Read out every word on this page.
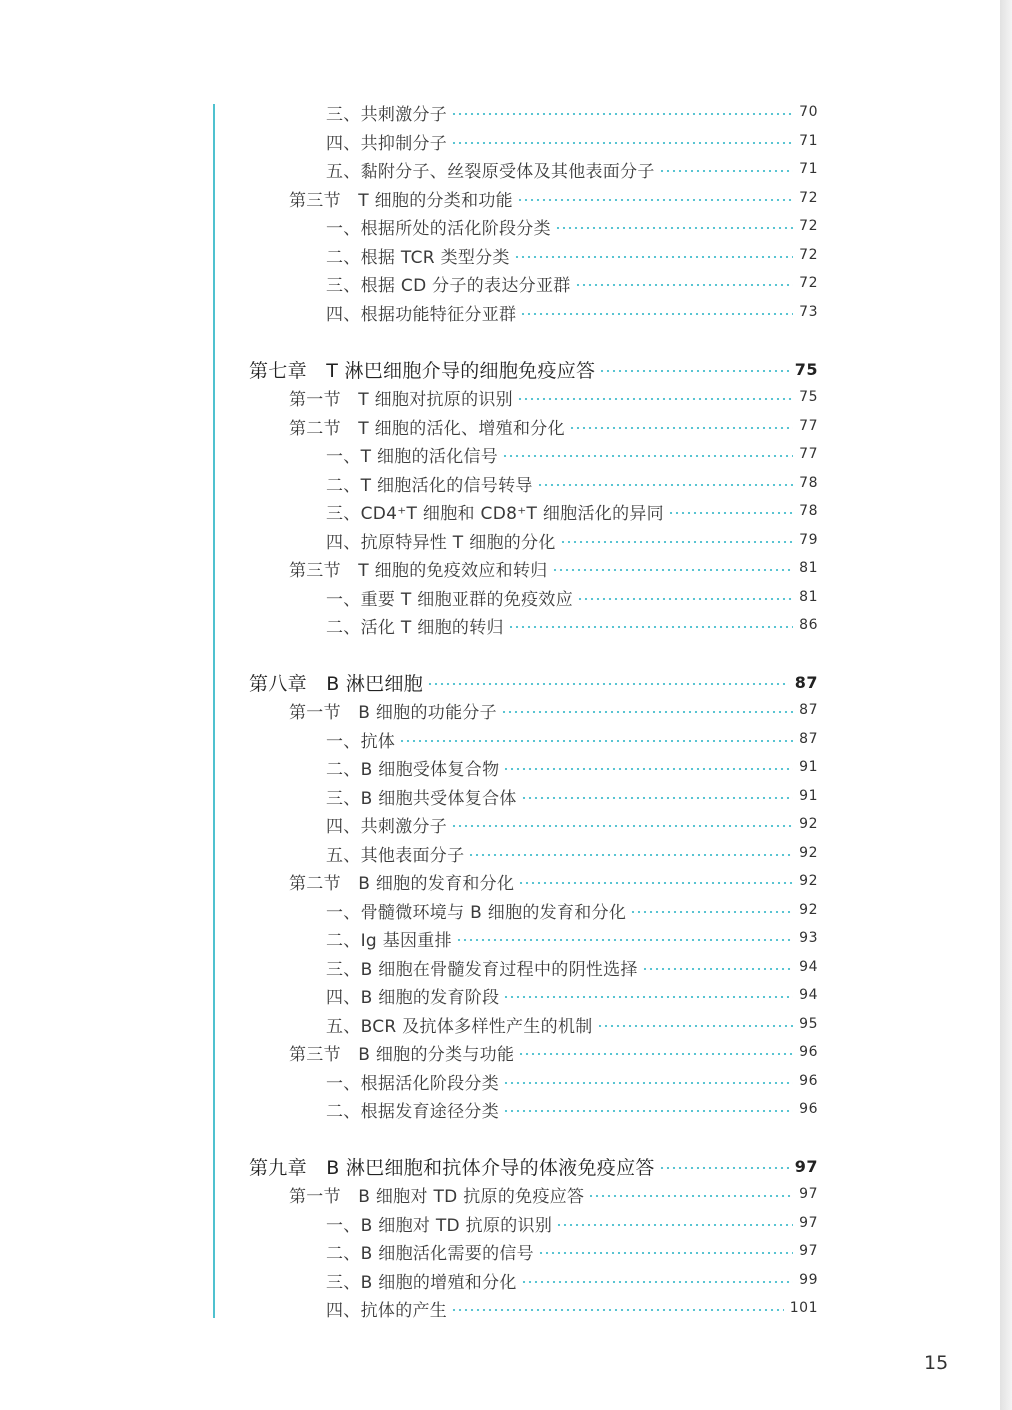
三、共刺激分子	70
四、共抑制分子	71
五、黏附分子、丝裂原受体及其他表面分子	71
第三节　T 细胞的分类和功能	72
一、根据所处的活化阶段分类	72
二、根据 TCR 类型分类	72
三、根据 CD 分子的表达分亚群	72
四、根据功能特征分亚群	73
第七章　T 淋巴细胞介导的细胞免疫应答	75
第一节　T 细胞对抗原的识别	75
第二节　T 细胞的活化、增殖和分化	77
一、T 细胞的活化信号	77
二、T 细胞活化的信号转导	78
三、CD4⁺T 细胞和 CD8⁺T 细胞活化的异同	78
四、抗原特异性 T 细胞的分化	79
第三节　T 细胞的免疫效应和转归	81
一、重要 T 细胞亚群的免疫效应	81
二、活化 T 细胞的转归	86
第八章　B 淋巴细胞	87
第一节　B 细胞的功能分子	87
一、抗体	87
二、B 细胞受体复合物	91
三、B 细胞共受体复合体	91
四、共刺激分子	92
五、其他表面分子	92
第二节　B 细胞的发育和分化	92
一、骨髓微环境与 B 细胞的发育和分化	92
二、Ig 基因重排	93
三、B 细胞在骨髓发育过程中的阴性选择	94
四、B 细胞的发育阶段	94
五、BCR 及抗体多样性产生的机制	95
第三节　B 细胞的分类与功能	96
一、根据活化阶段分类	96
二、根据发育途径分类	96
第九章　B 淋巴细胞和抗体介导的体液免疫应答	97
第一节　B 细胞对 TD 抗原的免疫应答	97
一、B 细胞对 TD 抗原的识别	97
二、B 细胞活化需要的信号	97
三、B 细胞的增殖和分化	99
四、抗体的产生	101
15
